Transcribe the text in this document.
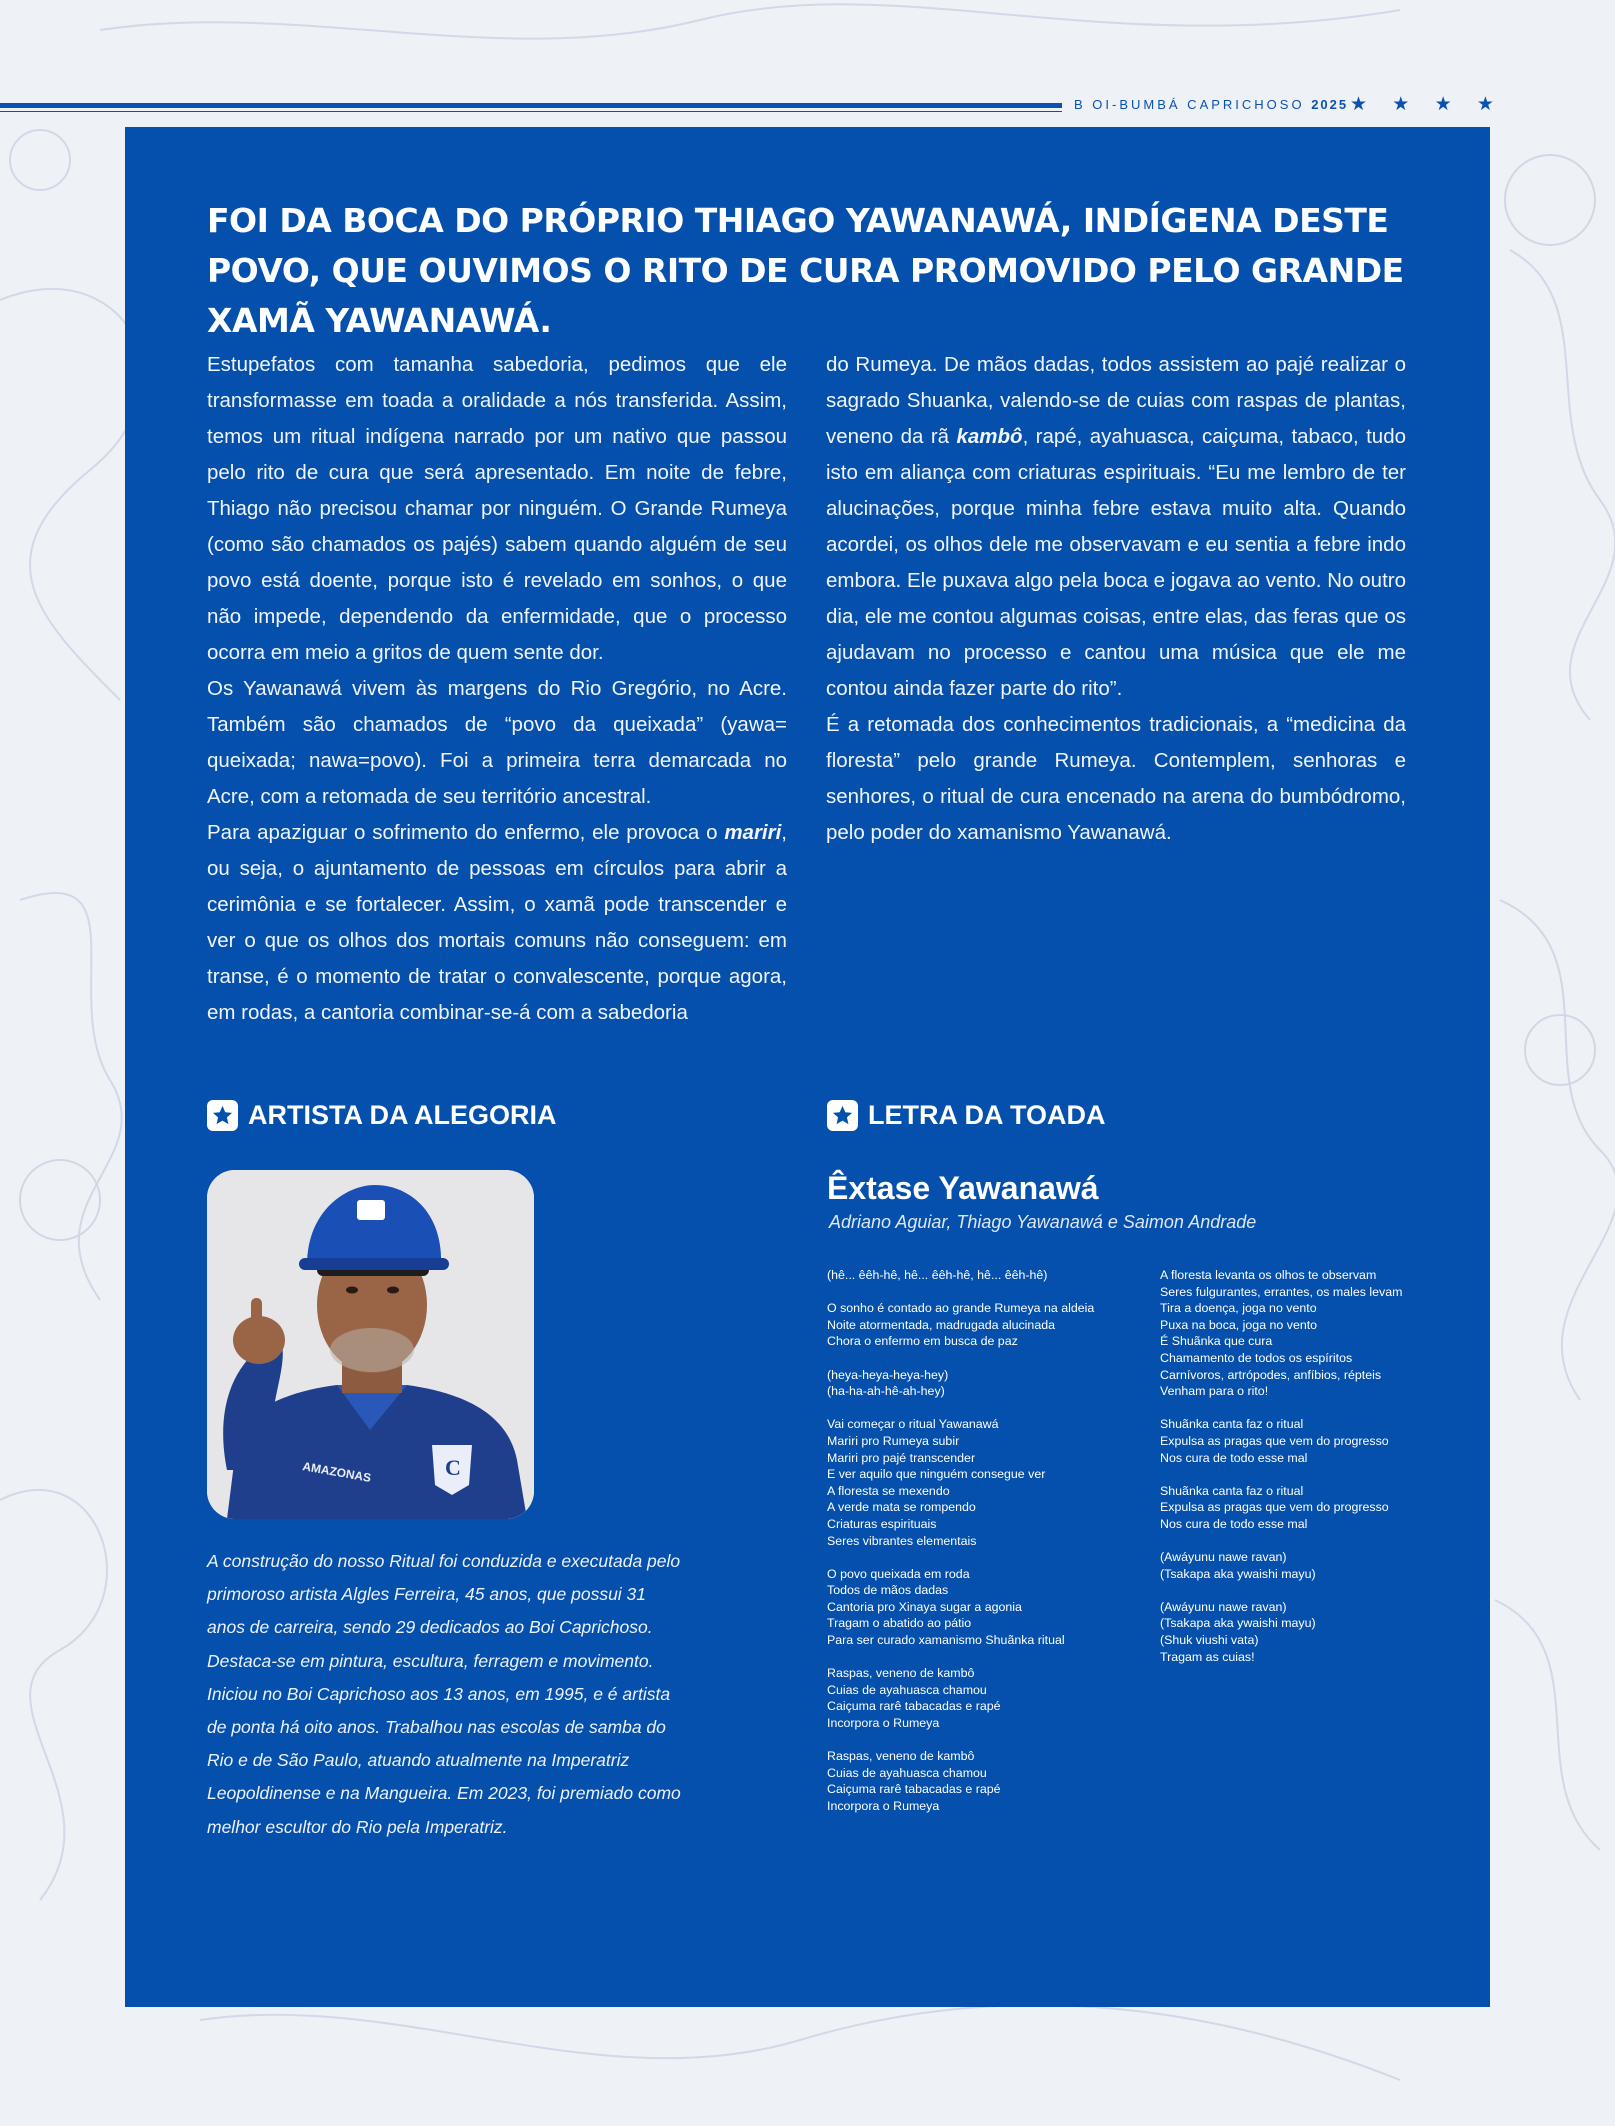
B OI-BUMBÁ CAPRICHOSO 2025 ★ ★ ★ ★
FOI DA BOCA DO PRÓPRIO THIAGO YAWANAWÁ, INDÍGENA DESTE POVO, QUE OUVIMOS O RITO DE CURA PROMOVIDO PELO GRANDE XAMÃ YAWANAWÁ.

Estupefatos com tamanha sabedoria, pedimos que ele transformasse em toada a oralidade a nós transferida. Assim, temos um ritual indígena narrado por um nativo que passou pelo rito de cura que será apresentado. Em noite de febre, Thiago não precisou chamar por ninguém. O Grande Rumeya (como são chamados os pajés) sabem quando alguém de seu povo está doente, porque isto é revelado em sonhos, o que não impede, dependendo da enfermidade, que o processo ocorra em meio a gritos de quem sente dor.

Os Yawanawá vivem às margens do Rio Gregório, no Acre. Também são chamados de “povo da queixada” (yawa= queixada; nawa=povo). Foi a primeira terra demarcada no Acre, com a retomada de seu território ancestral.

Para apaziguar o sofrimento do enfermo, ele provoca o mariri, ou seja, o ajuntamento de pessoas em círculos para abrir a cerimônia e se fortalecer. Assim, o xamã pode transcender e ver o que os olhos dos mortais comuns não conseguem: em transe, é o momento de tratar o convalescente, porque agora, em rodas, a cantoria combinar-se-á com a sabedoria

do Rumeya. De mãos dadas, todos assistem ao pajé realizar o sagrado Shuanka, valendo-se de cuias com raspas de plantas, veneno da rã kambô, rapé, ayahuasca, caiçuma, tabaco, tudo isto em aliança com criaturas espirituais. “Eu me lembro de ter alucinações, porque minha febre estava muito alta. Quando acordei, os olhos dele me observavam e eu sentia a febre indo embora. Ele puxava algo pela boca e jogava ao vento. No outro dia, ele me contou algumas coisas, entre elas, das feras que os ajudavam no processo e cantou uma música que ele me contou ainda fazer parte do rito”.

É a retomada dos conhecimentos tradicionais, a “medicina da floresta” pelo grande Rumeya. Contemplem, senhoras e senhores, o ritual de cura encenado na arena do bumbódromo, pelo poder do xamanismo Yawanawá.

ARTISTA DA ALEGORIA
C
AMAZONAS

A construção do nosso Ritual foi conduzida e executada pelo primoroso artista Algles Ferreira, 45 anos, que possui 31 anos de carreira, sendo 29 dedicados ao Boi Caprichoso. Destaca-se em pintura, escultura, ferragem e movimento. Iniciou no Boi Caprichoso aos 13 anos, em 1995, e é artista de ponta há oito anos. Trabalhou nas escolas de samba do Rio e de São Paulo, atuando atualmente na Imperatriz Leopoldinense e na Mangueira. Em 2023, foi premiado como melhor escultor do Rio pela Imperatriz.

LETRA DA TOADA
Êxtase Yawanawá
Adriano Aguiar, Thiago Yawanawá e Saimon Andrade
(hê... êêh-hê, hê... êêh-hê, hê... êêh-hê)
O sonho é contado ao grande Rumeya na aldeia
Noite atormentada, madrugada alucinada
Chora o enfermo em busca de paz
(heya-heya-heya-hey)
(ha-ha-ah-hê-ah-hey)
Vai começar o ritual Yawanawá
Mariri pro Rumeya subir
Mariri pro pajé transcender
E ver aquilo que ninguém consegue ver
A floresta se mexendo
A verde mata se rompendo
Criaturas espirituais
Seres vibrantes elementais
O povo queixada em roda
Todos de mãos dadas
Cantoria pro Xinaya sugar a agonia
Tragam o abatido ao pátio
Para ser curado xamanismo Shuãnka ritual
Raspas, veneno de kambô
Cuias de ayahuasca chamou
Caiçuma rarê tabacadas e rapé
Incorpora o Rumeya
Raspas, veneno de kambô
Cuias de ayahuasca chamou
Caiçuma rarê tabacadas e rapé
Incorpora o Rumeya
A floresta levanta os olhos te observam
Seres fulgurantes, errantes, os males levam
Tira a doença, joga no vento
Puxa na boca, joga no vento
É Shuãnka que cura
Chamamento de todos os espíritos
Carnívoros, artrópodes, anfíbios, répteis
Venham para o rito!
Shuãnka canta faz o ritual
Expulsa as pragas que vem do progresso
Nos cura de todo esse mal
Shuãnka canta faz o ritual
Expulsa as pragas que vem do progresso
Nos cura de todo esse mal
(Awáyunu nawe ravan)
(Tsakapa aka ywaishi mayu)
(Awáyunu nawe ravan)
(Tsakapa aka ywaishi mayu)
(Shuk viushi vata)
Tragam as cuias!
